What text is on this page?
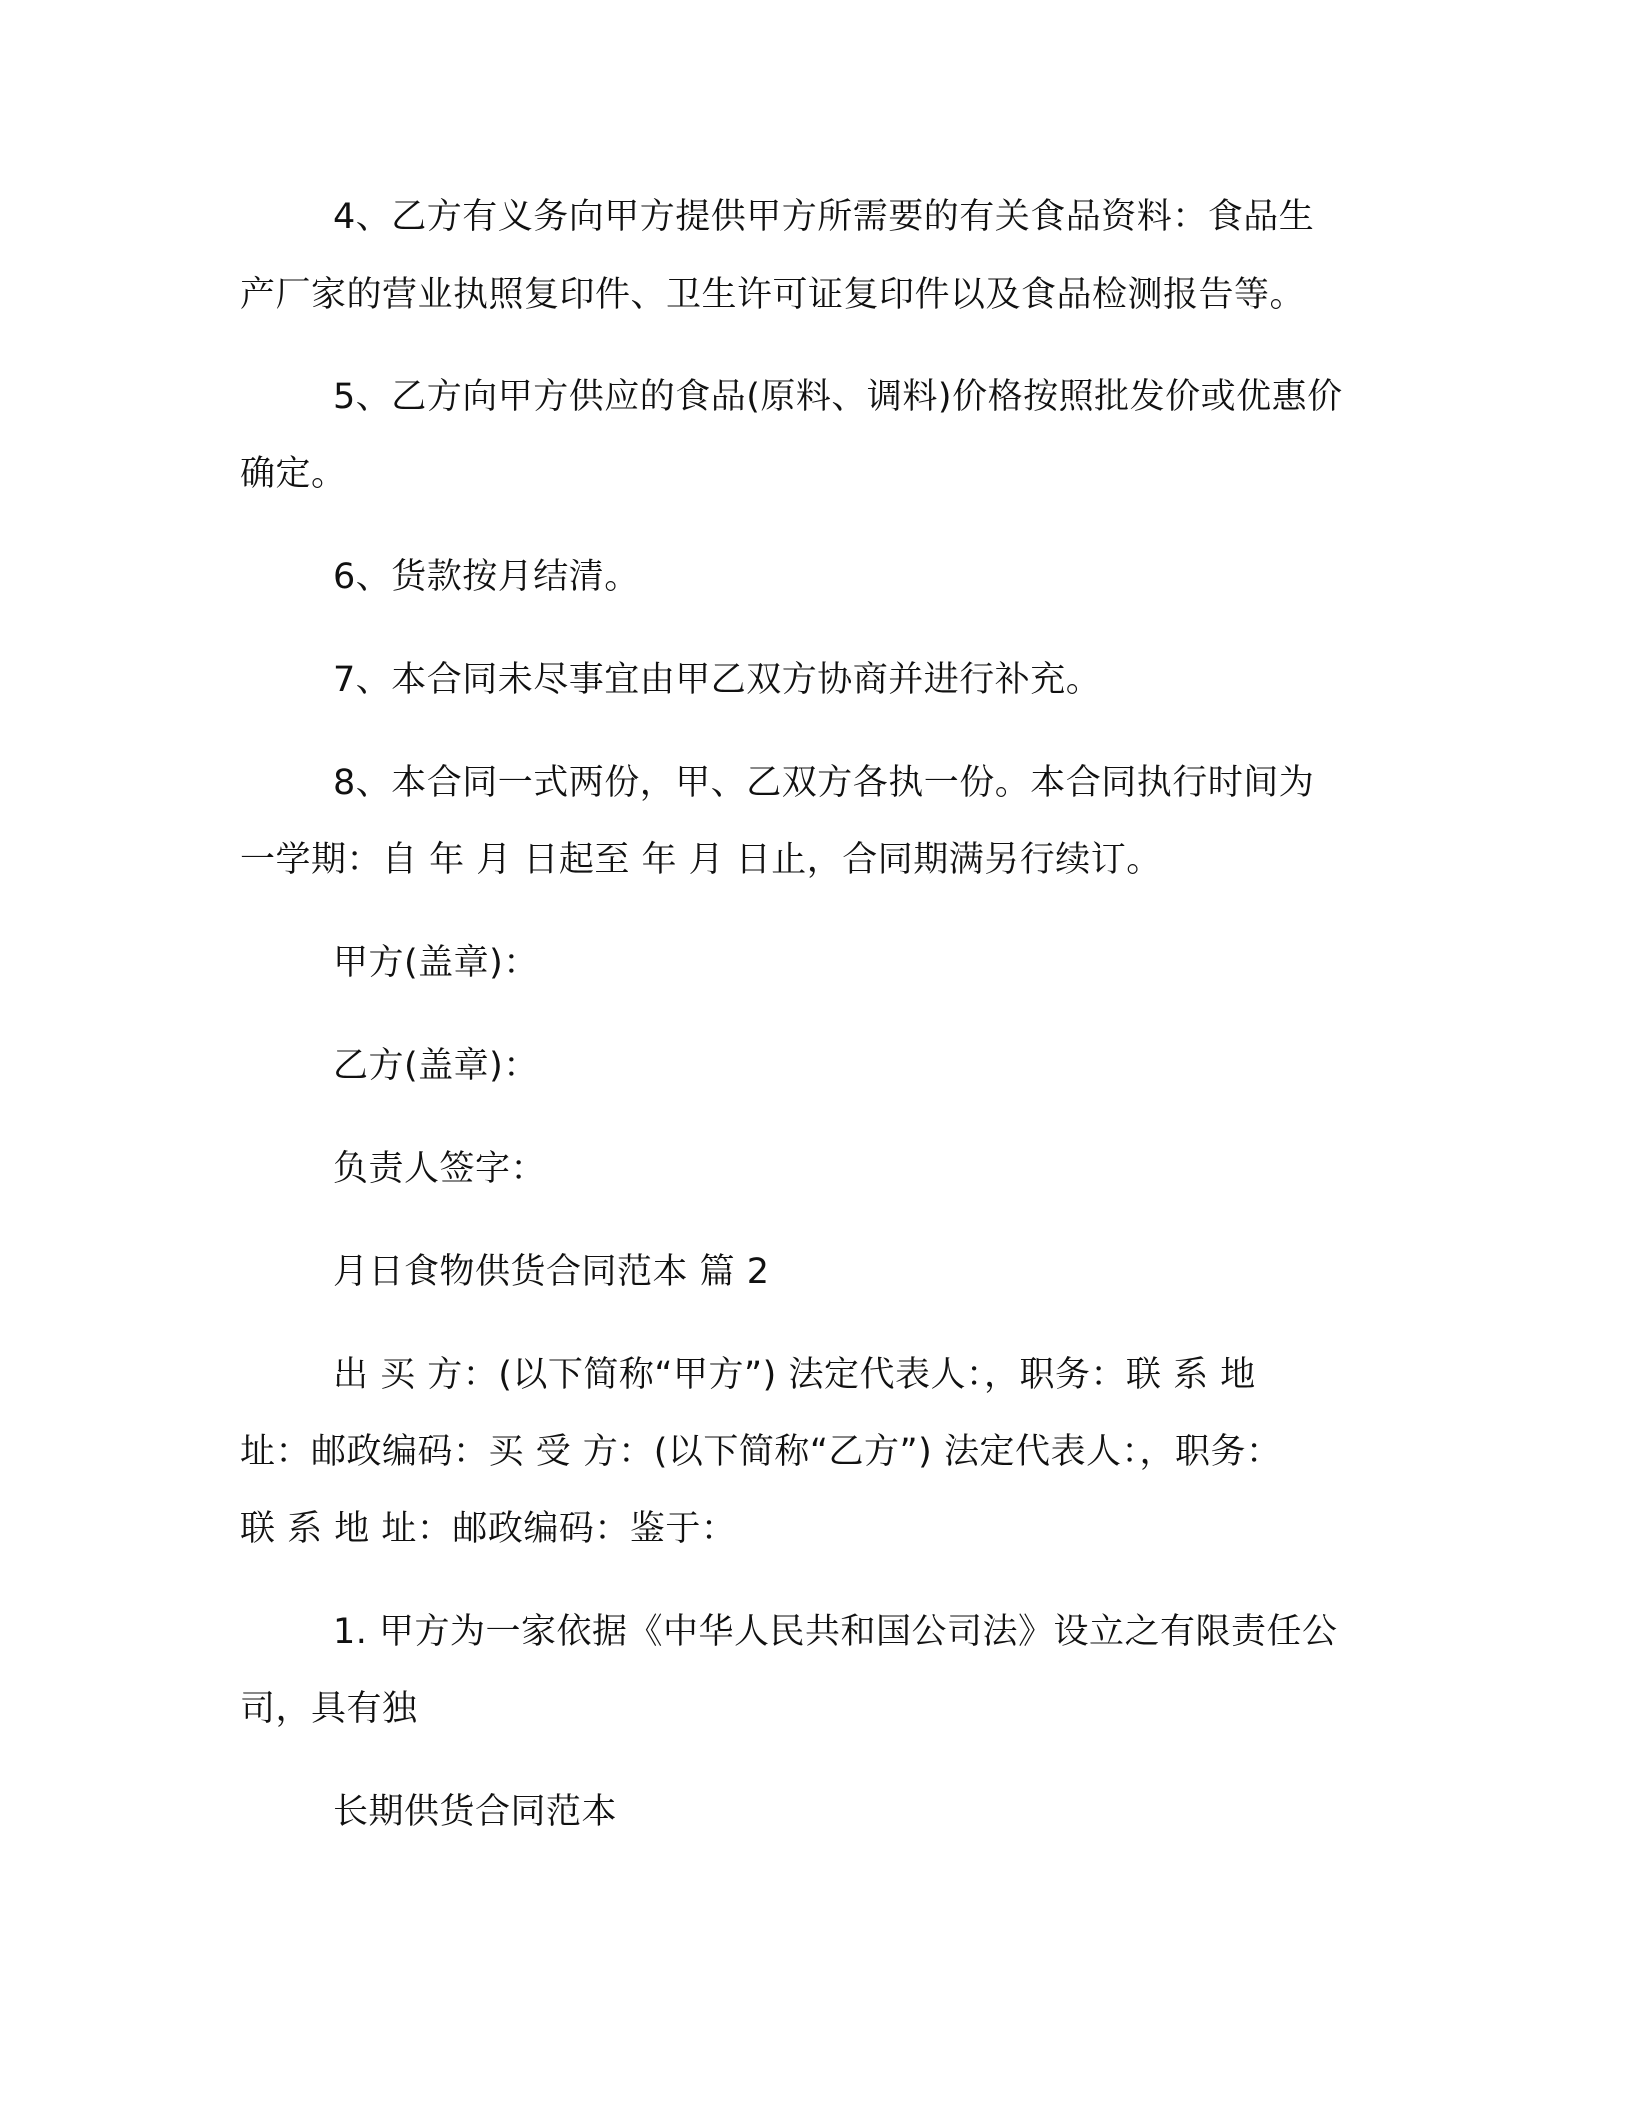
4、乙方有义务向甲方提供甲方所需要的有关食品资料：食品生
产厂家的营业执照复印件、卫生许可证复印件以及食品检测报告等。
5、乙方向甲方供应的食品(原料、调料)价格按照批发价或优惠价
确定。
6、货款按月结清。
7、本合同未尽事宜由甲乙双方协商并进行补充。
8、本合同一式两份，甲、乙双方各执一份。本合同执行时间为
一学期：自 年 月 日起至 年 月 日止，合同期满另行续订。
甲方(盖章)：
乙方(盖章)：
负责人签字：
月日食物供货合同范本 篇 2
出 买 方：(以下简称“甲方”) 法定代表人：，职务：联 系 地
址：邮政编码：买 受 方：(以下简称“乙方”) 法定代表人：，职务：
联 系 地 址：邮政编码：鉴于：
1. 甲方为一家依据《中华人民共和国公司法》设立之有限责任公
司，具有独
长期供货合同范本
